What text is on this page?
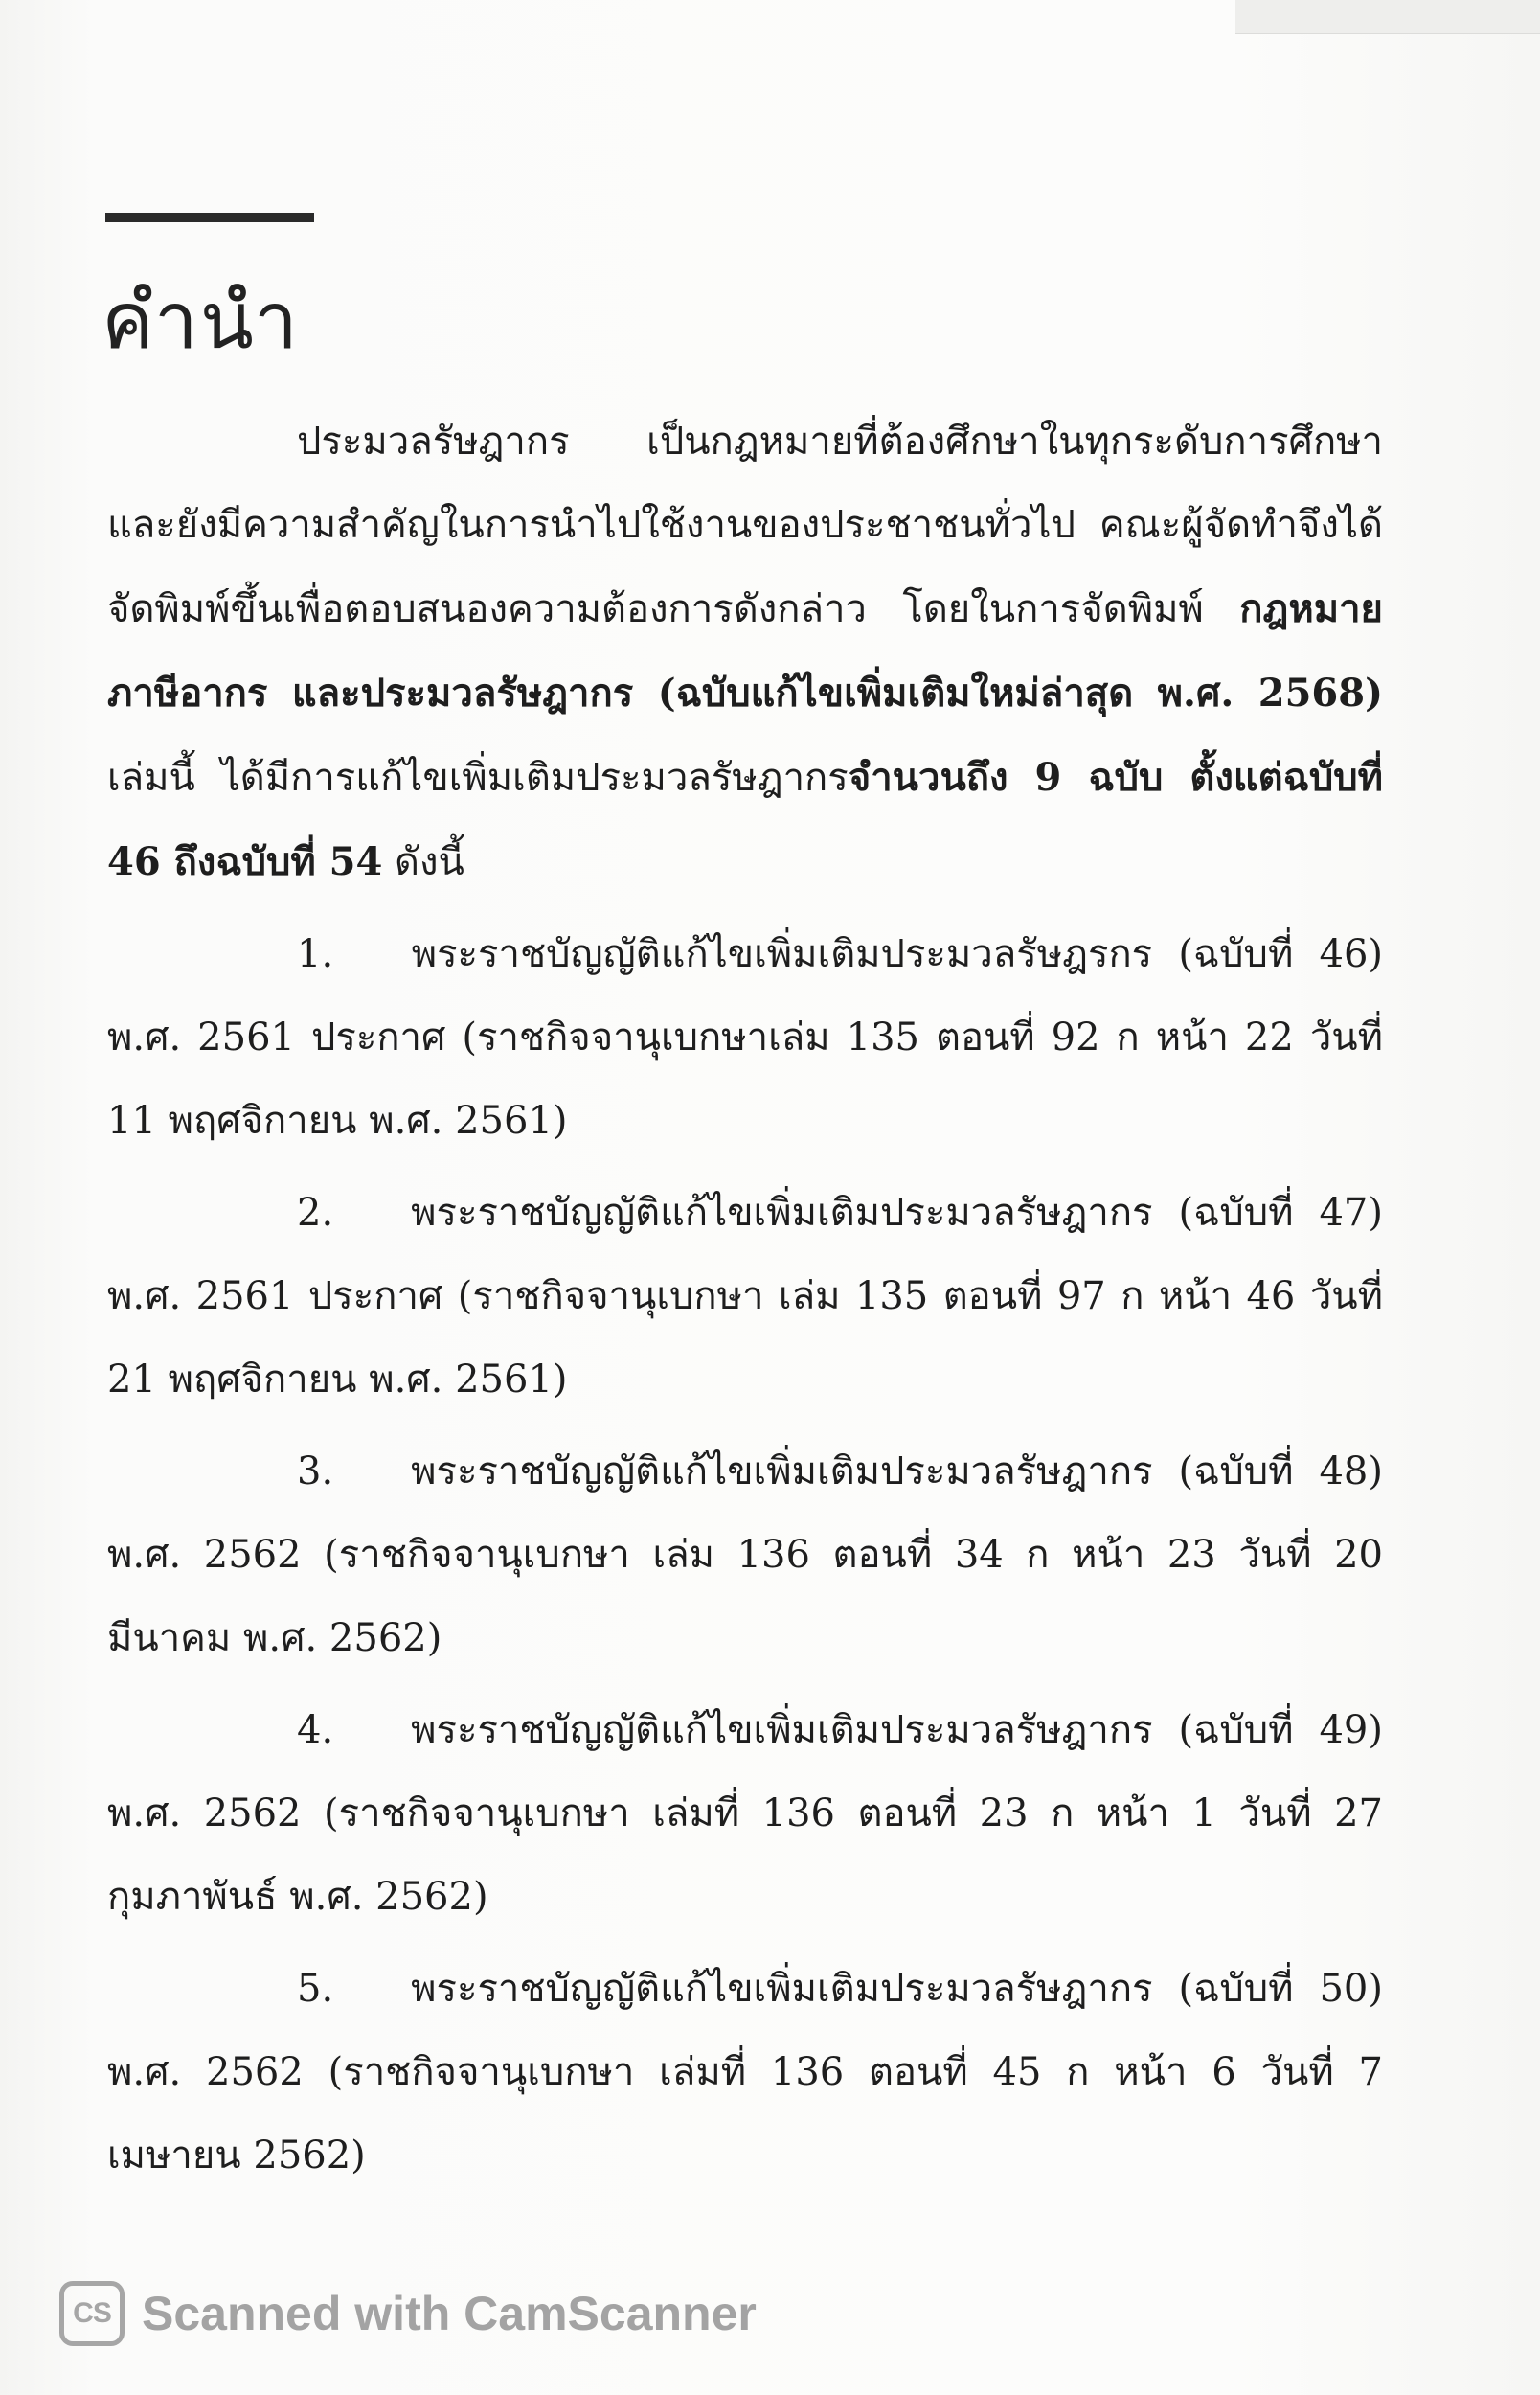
คำนำ

ประมวลรัษฎากร เป็นกฎหมายที่ต้องศึกษาในทุกระดับการศึกษา และยังมีความสำคัญในการนำไปใช้งานของประชาชนทั่วไป คณะผู้จัดทำจึงได้จัดพิมพ์ขึ้นเพื่อตอบสนองความต้องการดังกล่าว โดยในการจัดพิมพ์ กฎหมายภาษีอากร และประมวลรัษฎากร (ฉบับแก้ไขเพิ่มเติมใหม่ล่าสุด พ.ศ. 2568) เล่มนี้ ได้มีการแก้ไขเพิ่มเติมประมวลรัษฎากรจำนวนถึง 9 ฉบับ ตั้งแต่ฉบับที่ 46 ถึงฉบับที่ 54 ดังนี้

1. พระราชบัญญัติแก้ไขเพิ่มเติมประมวลรัษฎรกร (ฉบับที่ 46) พ.ศ. 2561 ประกาศ (ราชกิจจานุเบกษาเล่ม 135 ตอนที่ 92 ก หน้า 22 วันที่ 11 พฤศจิกายน พ.ศ. 2561)
2. พระราชบัญญัติแก้ไขเพิ่มเติมประมวลรัษฎากร (ฉบับที่ 47) พ.ศ. 2561 ประกาศ (ราชกิจจานุเบกษา เล่ม 135 ตอนที่ 97 ก หน้า 46 วันที่ 21 พฤศจิกายน พ.ศ. 2561)
3. พระราชบัญญัติแก้ไขเพิ่มเติมประมวลรัษฎากร (ฉบับที่ 48) พ.ศ. 2562 (ราชกิจจานุเบกษา เล่ม 136 ตอนที่ 34 ก หน้า 23 วันที่ 20 มีนาคม พ.ศ. 2562)
4. พระราชบัญญัติแก้ไขเพิ่มเติมประมวลรัษฎากร (ฉบับที่ 49) พ.ศ. 2562 (ราชกิจจานุเบกษา เล่มที่ 136 ตอนที่ 23 ก หน้า 1 วันที่ 27 กุมภาพันธ์ พ.ศ. 2562)
5. พระราชบัญญัติแก้ไขเพิ่มเติมประมวลรัษฎากร (ฉบับที่ 50) พ.ศ. 2562 (ราชกิจจานุเบกษา เล่มที่ 136 ตอนที่ 45 ก หน้า 6 วันที่ 7 เมษายน 2562)
CS Scanned with CamScanner
